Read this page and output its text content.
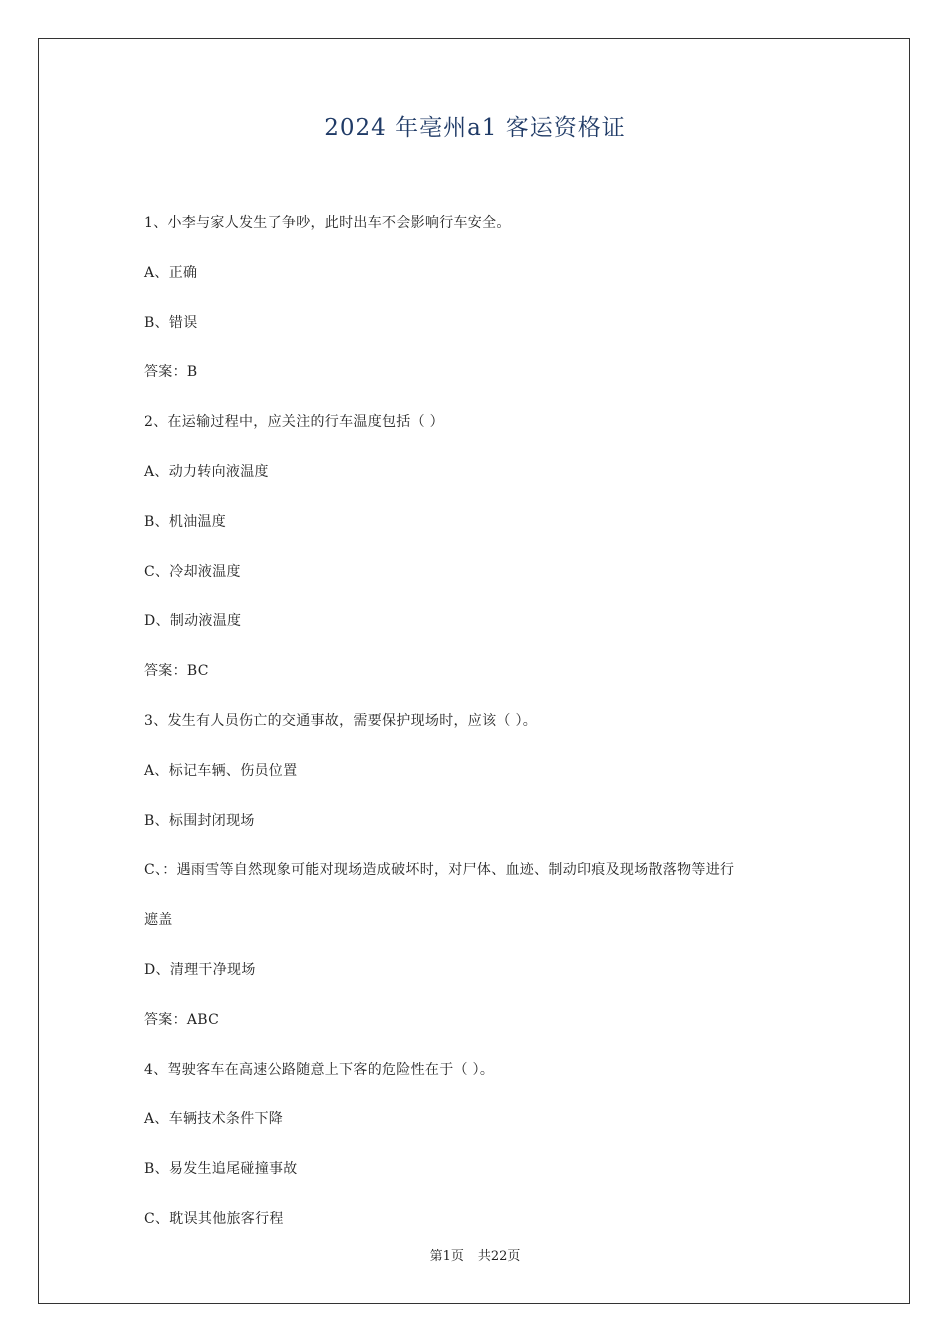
2024 年亳州a1 客运资格证
1、小李与家人发生了争吵，此时出车不会影响行车安全。
A、正确
B、错误
答案：B
2、在运输过程中，应关注的行车温度包括（ ）
A、动力转向液温度
B、机油温度
C、冷却液温度
D、制动液温度
答案：BC
3、发生有人员伤亡的交通事故，需要保护现场时，应该（ ）。
A、标记车辆、伤员位置
B、标围封闭现场
C、：遇雨雪等自然现象可能对现场造成破坏时，对尸体、血迹、制动印痕及现场散落物等进行
遮盖
D、清理干净现场
答案：ABC
4、驾驶客车在高速公路随意上下客的危险性在于（ ）。
A、车辆技术条件下降
B、易发生追尾碰撞事故
C、耽误其他旅客行程
第1页 共22页
